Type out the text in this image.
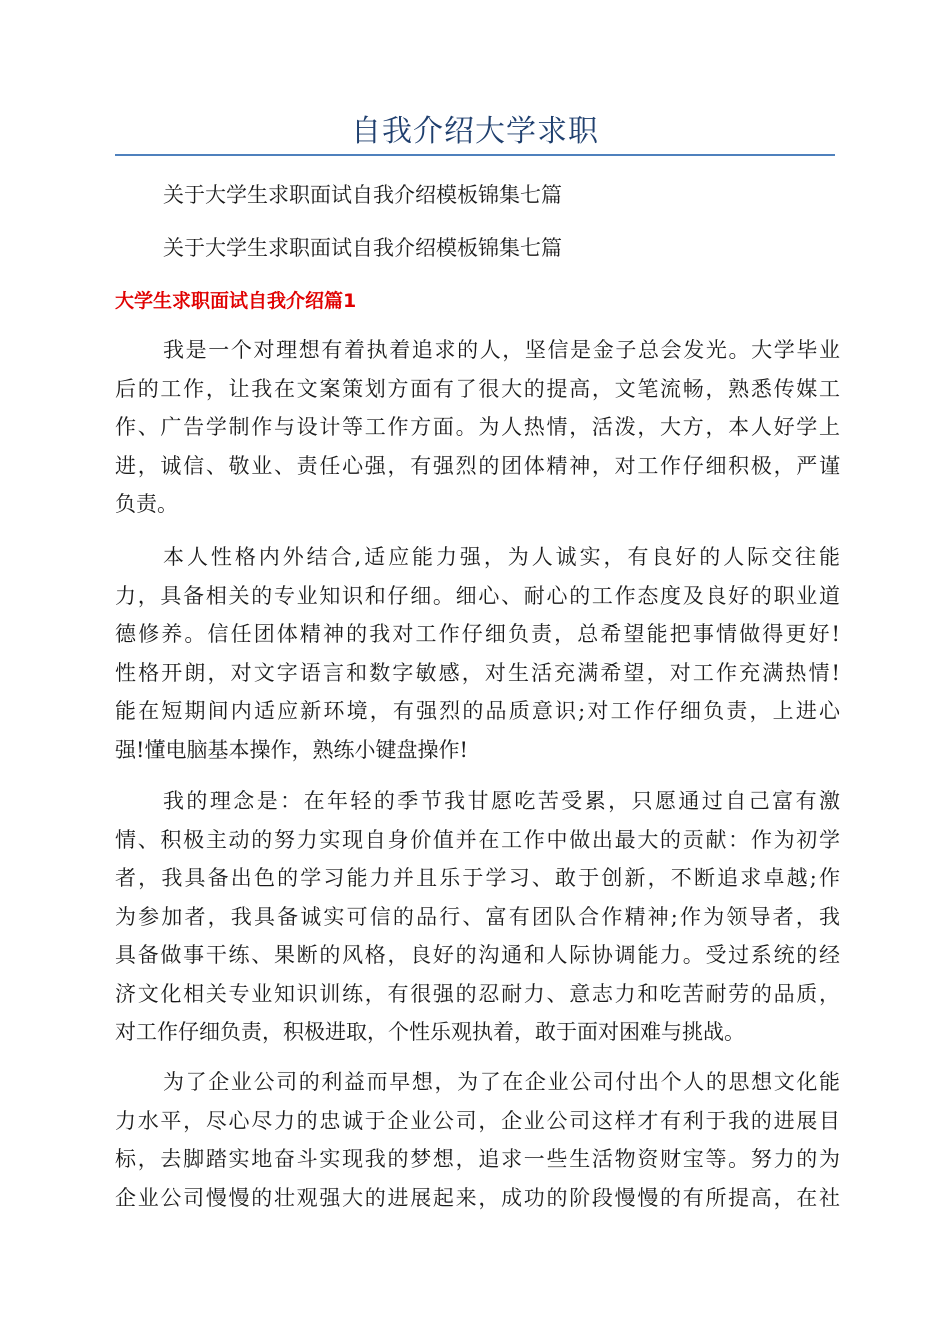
自我介绍大学求职

关于大学生求职面试自我介绍模板锦集七篇

关于大学生求职面试自我介绍模板锦集七篇

大学生求职面试自我介绍篇1
我是一个对理想有着执着追求的人，坚信是金子总会发光。大学毕业
后的工作，让我在文案策划方面有了很大的提高，文笔流畅，熟悉传媒工
作、广告学制作与设计等工作方面。为人热情，活泼，大方，本人好学上
进，诚信、敬业、责任心强，有强烈的团体精神，对工作仔细积极，严谨
负责。
本人性格内外结合,适应能力强，为人诚实，有良好的人际交往能
力，具备相关的专业知识和仔细。细心、耐心的工作态度及良好的职业道
德修养。信任团体精神的我对工作仔细负责，总希望能把事情做得更好!
性格开朗，对文字语言和数字敏感，对生活充满希望，对工作充满热情!
能在短期间内适应新环境，有强烈的品质意识;对工作仔细负责，上进心
强!懂电脑基本操作，熟练小键盘操作!
我的理念是：在年轻的季节我甘愿吃苦受累，只愿通过自己富有激
情、积极主动的努力实现自身价值并在工作中做出最大的贡献：作为初学
者，我具备出色的学习能力并且乐于学习、敢于创新，不断追求卓越;作
为参加者，我具备诚实可信的品行、富有团队合作精神;作为领导者，我
具备做事干练、果断的风格，良好的沟通和人际协调能力。受过系统的经
济文化相关专业知识训练，有很强的忍耐力、意志力和吃苦耐劳的品质，
对工作仔细负责，积极进取，个性乐观执着，敢于面对困难与挑战。
为了企业公司的利益而早想，为了在企业公司付出个人的思想文化能
力水平，尽心尽力的忠诚于企业公司，企业公司这样才有利于我的进展目
标，去脚踏实地奋斗实现我的梦想，追求一些生活物资财宝等。努力的为
企业公司慢慢的壮观强大的进展起来，成功的阶段慢慢的有所提高，在社
